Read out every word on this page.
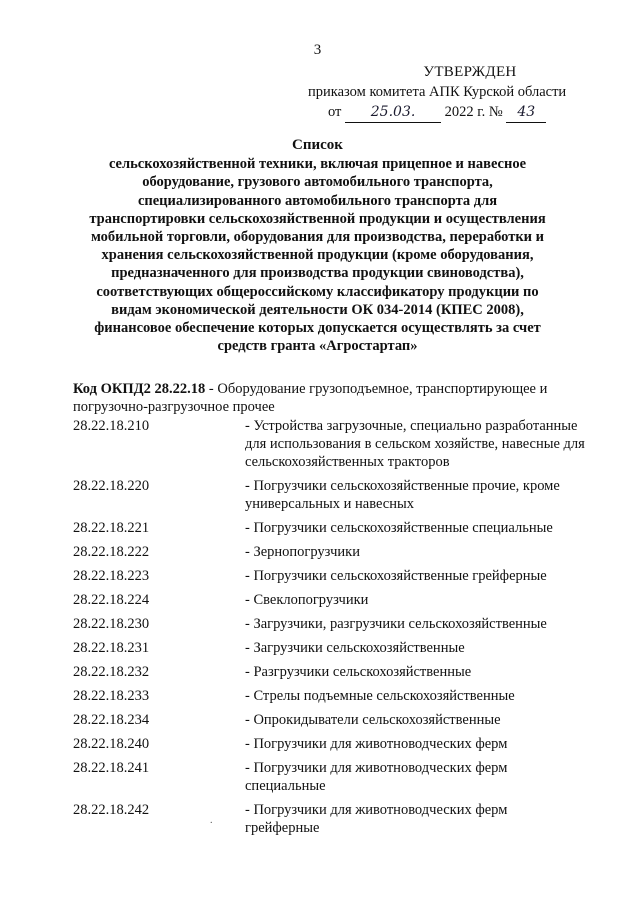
3
УТВЕРЖДЕН
приказом комитета АПК Курской области
от 25.03. 2022 г. № 43
Список
сельскохозяйственной техники, включая прицепное и навесное
оборудование, грузового автомобильного транспорта,
специализированного автомобильного транспорта для
транспортировки сельскохозяйственной продукции и осуществления
мобильной торговли, оборудования для производства, переработки и
хранения сельскохозяйственной продукции (кроме оборудования,
предназначенного для производства продукции свиноводства),
соответствующих общероссийскому классификатору продукции по
видам экономической деятельности ОК 034-2014 (КПЕС 2008),
финансовое обеспечение которых допускается осуществлять за счет
средств гранта «Агростартап»
Код ОКПД2 28.22.18 - Оборудование грузоподъемное, транспортирующее и погрузочно-разгрузочное прочее
28.22.18.210	- Устройства загрузочные, специально разработанные для использования в сельском хозяйстве, навесные для сельскохозяйственных тракторов
28.22.18.220	- Погрузчики сельскохозяйственные прочие, кроме универсальных и навесных
28.22.18.221	- Погрузчики сельскохозяйственные специальные
28.22.18.222	- Зернопогрузчики
28.22.18.223	- Погрузчики сельскохозяйственные грейферные
28.22.18.224	- Свеклопогрузчики
28.22.18.230	- Загрузчики, разгрузчики сельскохозяйственные
28.22.18.231	- Загрузчики сельскохозяйственные
28.22.18.232	- Разгрузчики сельскохозяйственные
28.22.18.233	- Стрелы подъемные сельскохозяйственные
28.22.18.234	- Опрокидыватели сельскохозяйственные
28.22.18.240	- Погрузчики для животноводческих ферм
28.22.18.241	- Погрузчики для животноводческих ферм специальные
28.22.18.242	- Погрузчики для животноводческих ферм грейферные
.
